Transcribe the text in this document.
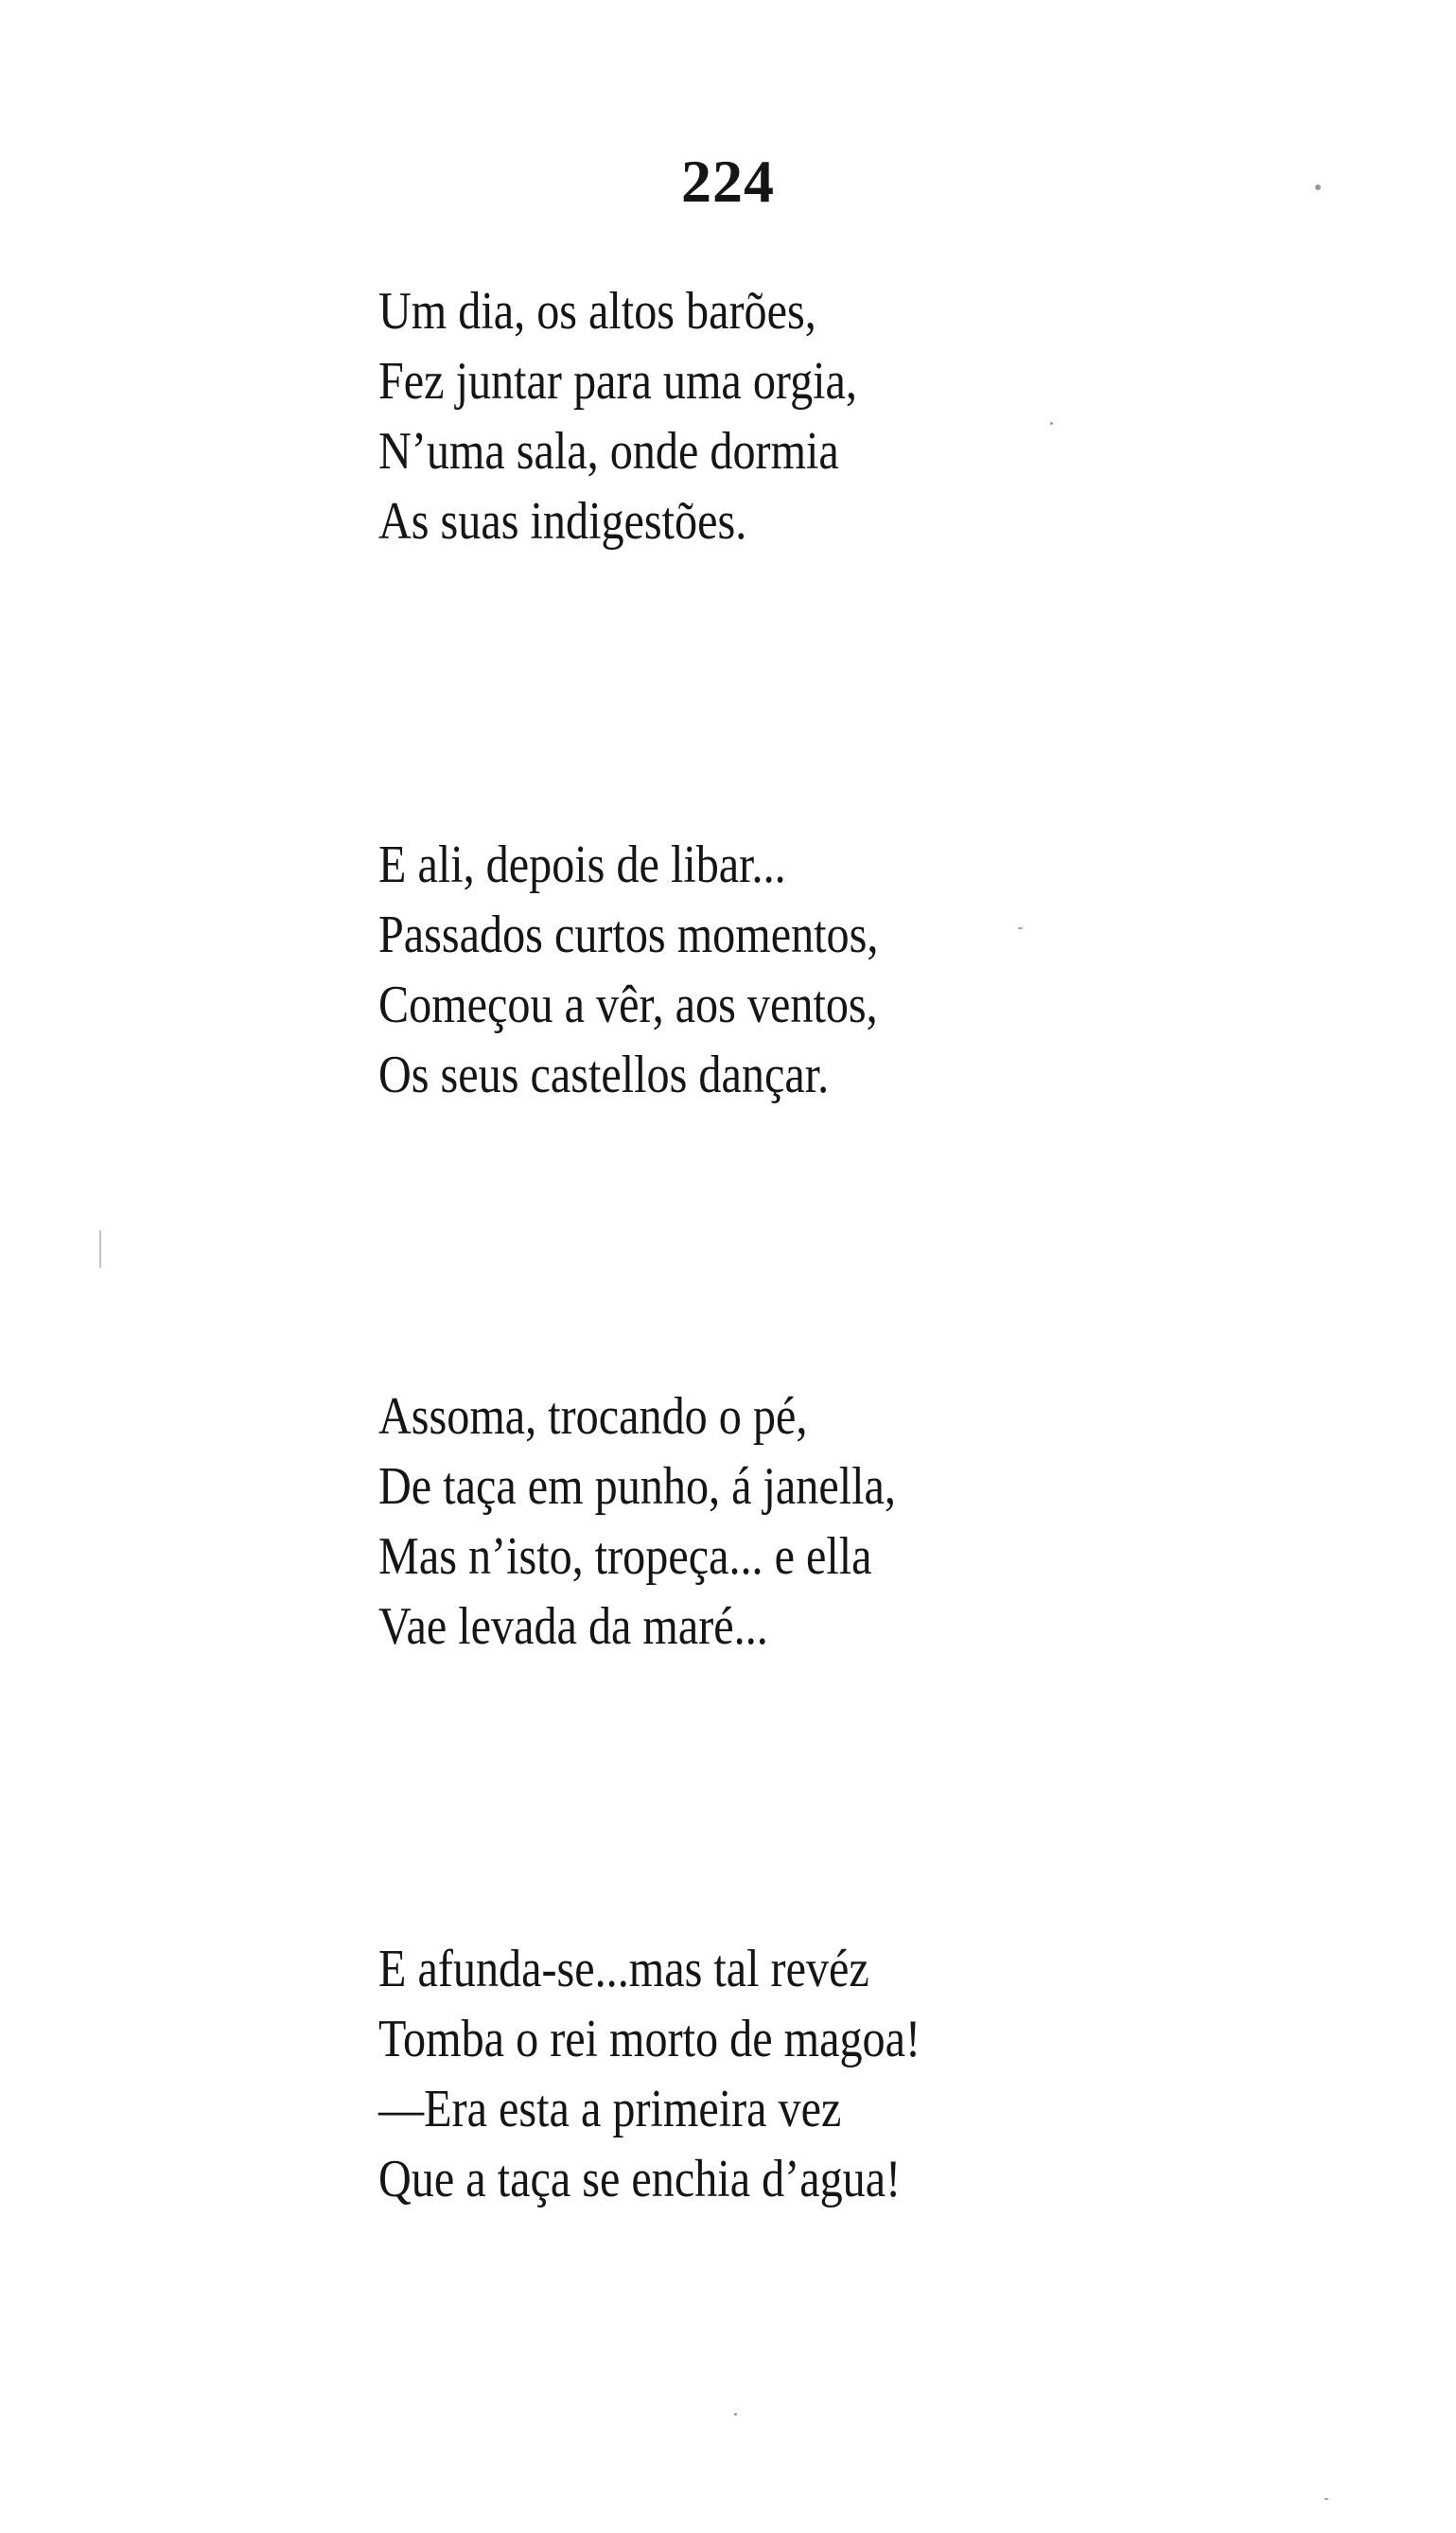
224
Um dia, os altos barões,
Fez juntar para uma orgia,
N’uma sala, onde dormia
As suas indigestões.
E ali, depois de libar...
Passados curtos momentos,
Começou a vêr, aos ventos,
Os seus castellos dançar.
Assoma, trocando o pé,
De taça em punho, á janella,
Mas n’isto, tropeça... e ella
Vae levada da maré...
E afunda-se...mas tal revéz
Tomba o rei morto de magoa!
—Era esta a primeira vez
Que a taça se enchia d’agua!
